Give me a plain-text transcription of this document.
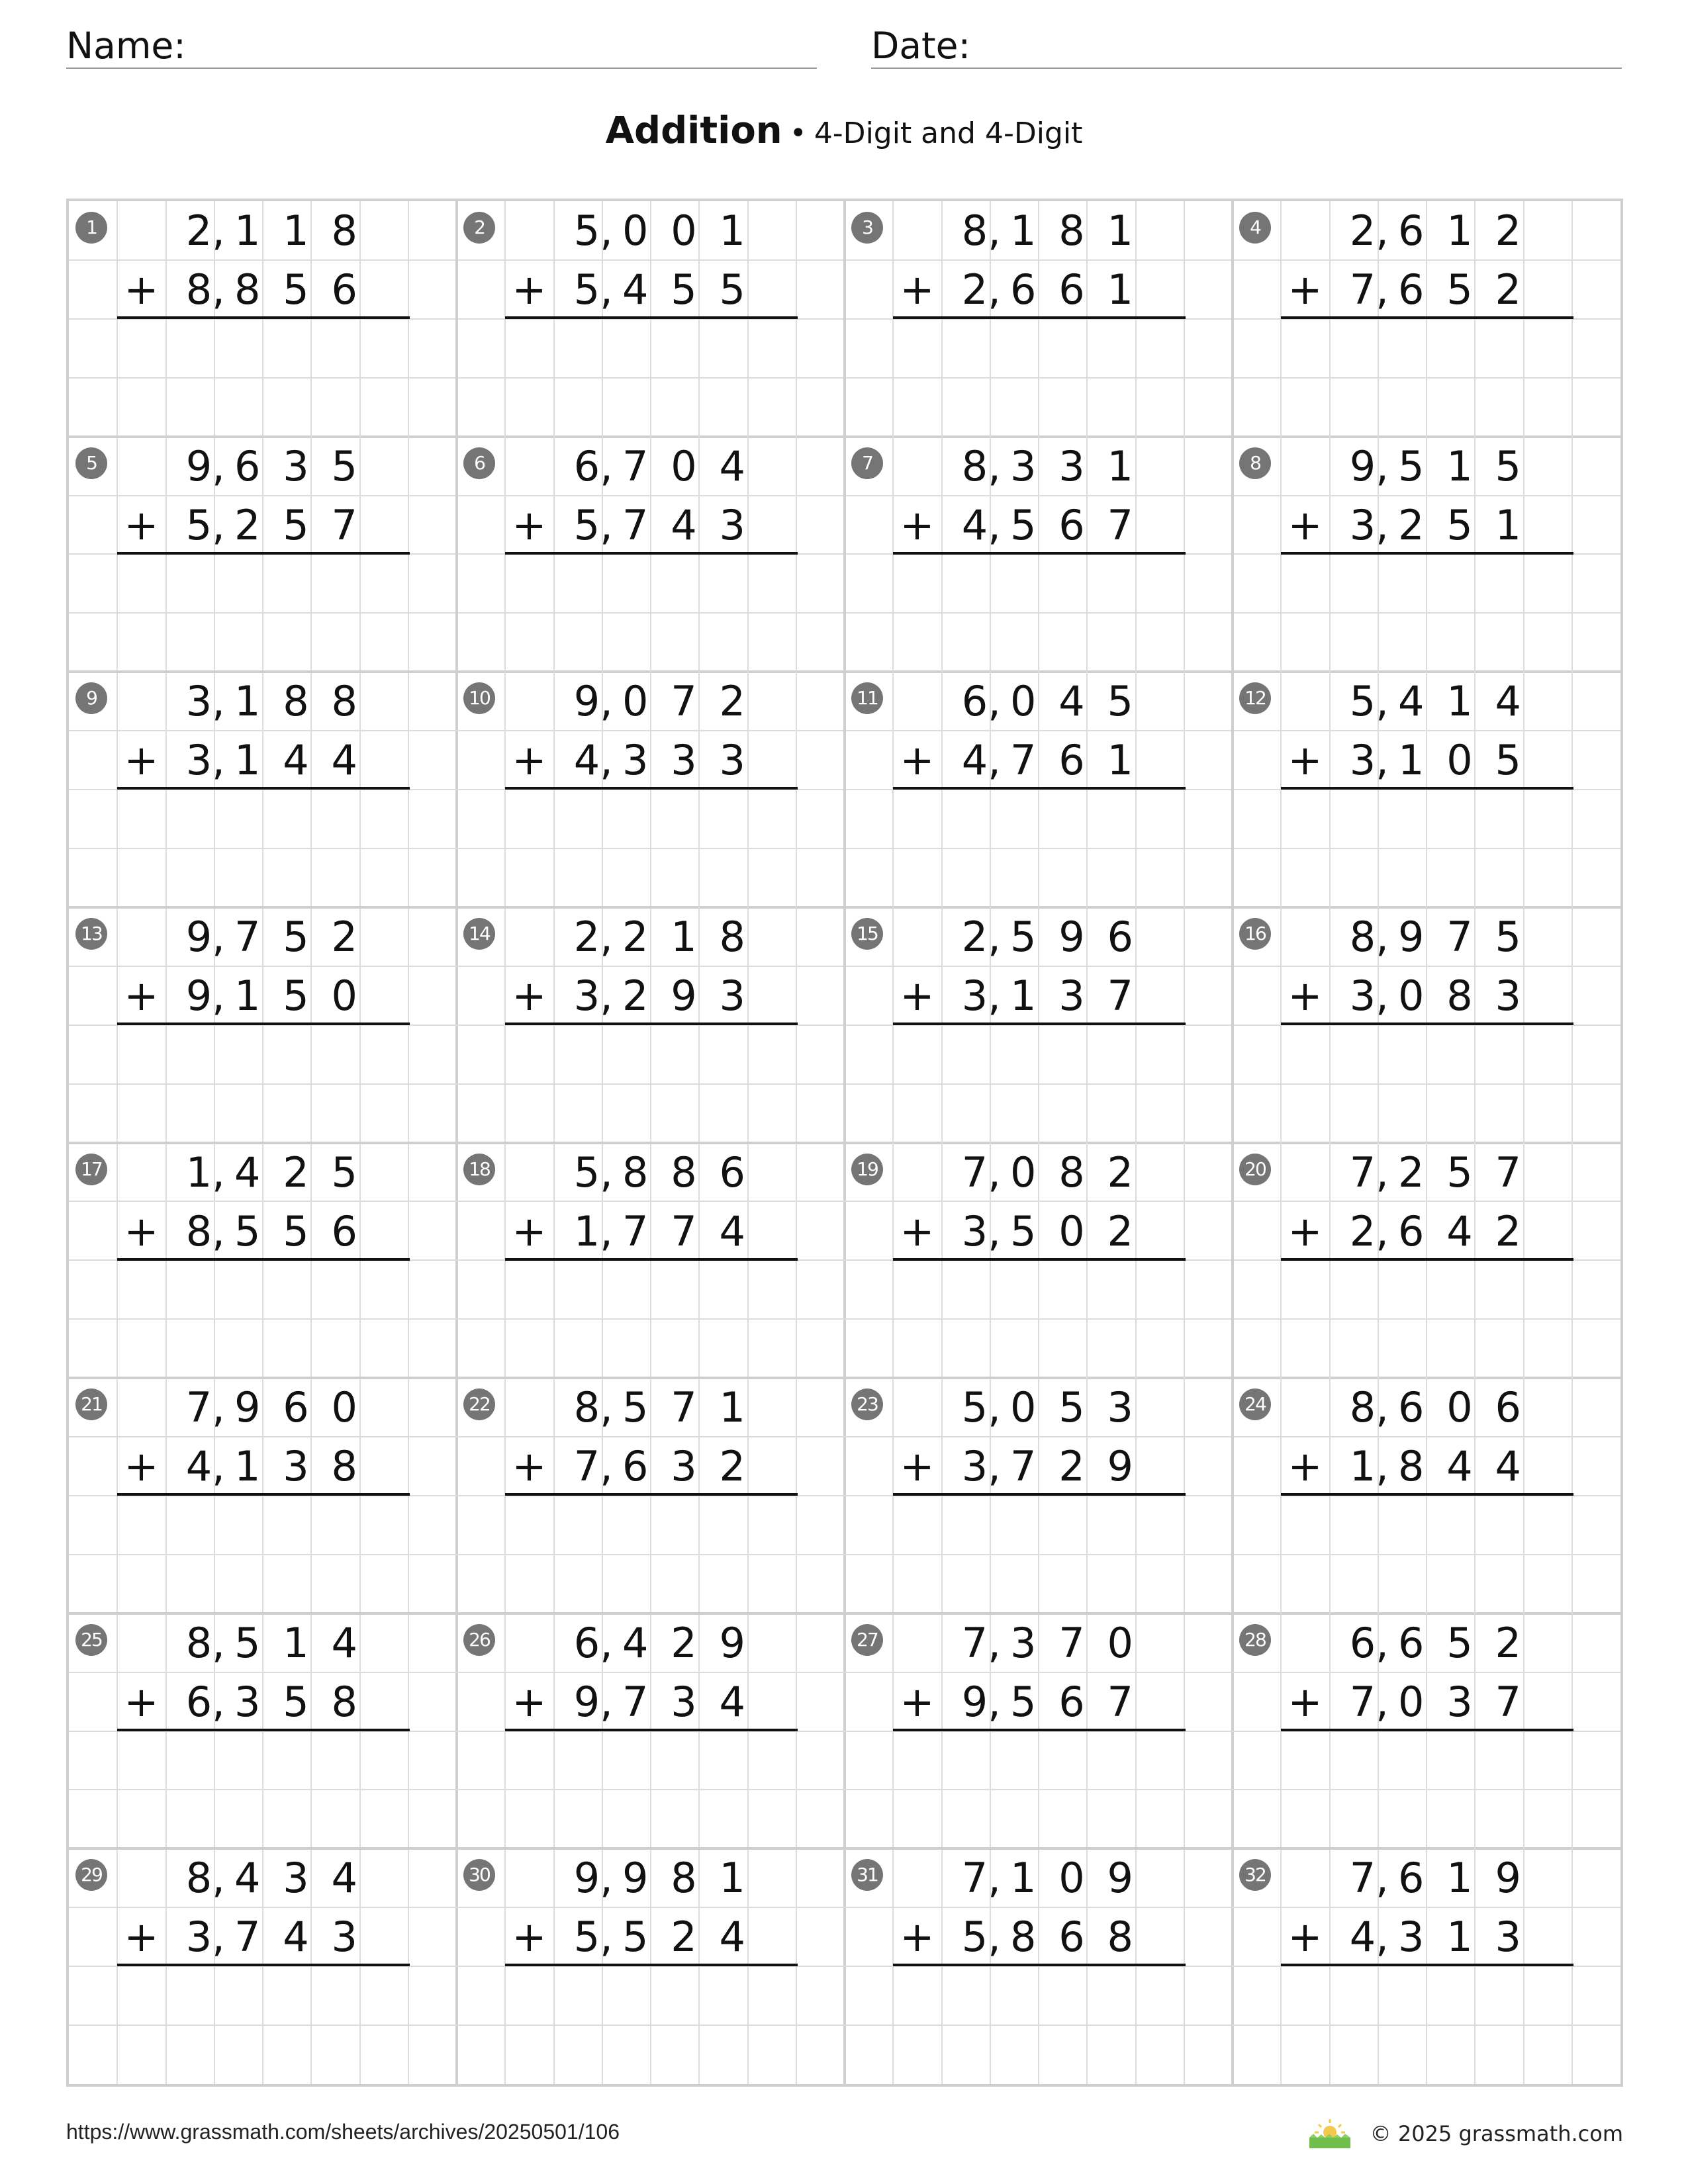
Name:	Date:
Addition • 4-Digit and 4-Digit
1 2 1 1 8
,
8 8 5 6
,
+
2 5 0 0 1
,
5 4 5 5
,
+
3 8 1 8 1
,
2 6 6 1
,
+
4 2 6 1 2
,
7 6 5 2
,
+
5 9 6 3 5
,
5 2 5 7
,
+
6 6 7 0 4
,
5 7 4 3
,
+
7 8 3 3 1
,
4 5 6 7
,
+
8 9 5 1 5
,
3 2 5 1
,
+
9 3 1 8 8
,
3 1 4 4
,
+
10 9 0 7 2
,
4 3 3 3
,
+
11 6 0 4 5
,
4 7 6 1
,
+
12 5 4 1 4
,
3 1 0 5
,
+
13 9 7 5 2
,
9 1 5 0
,
+
14 2 2 1 8
,
3 2 9 3
,
+
15 2 5 9 6
,
3 1 3 7
,
+
16 8 9 7 5
,
3 0 8 3
,
+
17 1 4 2 5
,
8 5 5 6
,
+
18 5 8 8 6
,
1 7 7 4
,
+
19 7 0 8 2
,
3 5 0 2
,
+
20 7 2 5 7
,
2 6 4 2
,
+
21 7 9 6 0
,
4 1 3 8
,
+
22 8 5 7 1
,
7 6 3 2
,
+
23 5 0 5 3
,
3 7 2 9
,
+
24 8 6 0 6
,
1 8 4 4
,
+
25 8 5 1 4
,
6 3 5 8
,
+
26 6 4 2 9
,
9 7 3 4
,
+
27 7 3 7 0
,
9 5 6 7
,
+
28 6 6 5 2
,
7 0 3 7
,
+
29 8 4 3 4
,
3 7 4 3
,
+
30 9 9 8 1
,
5 5 2 4
,
+
31 7 1 0 9
,
5 8 6 8
,
+
32 7 6 1 9
,
4 3 1 3
,
+
https://www.grassmath.com/sheets/archives/20250501/106	© 2025 grassmath.com
